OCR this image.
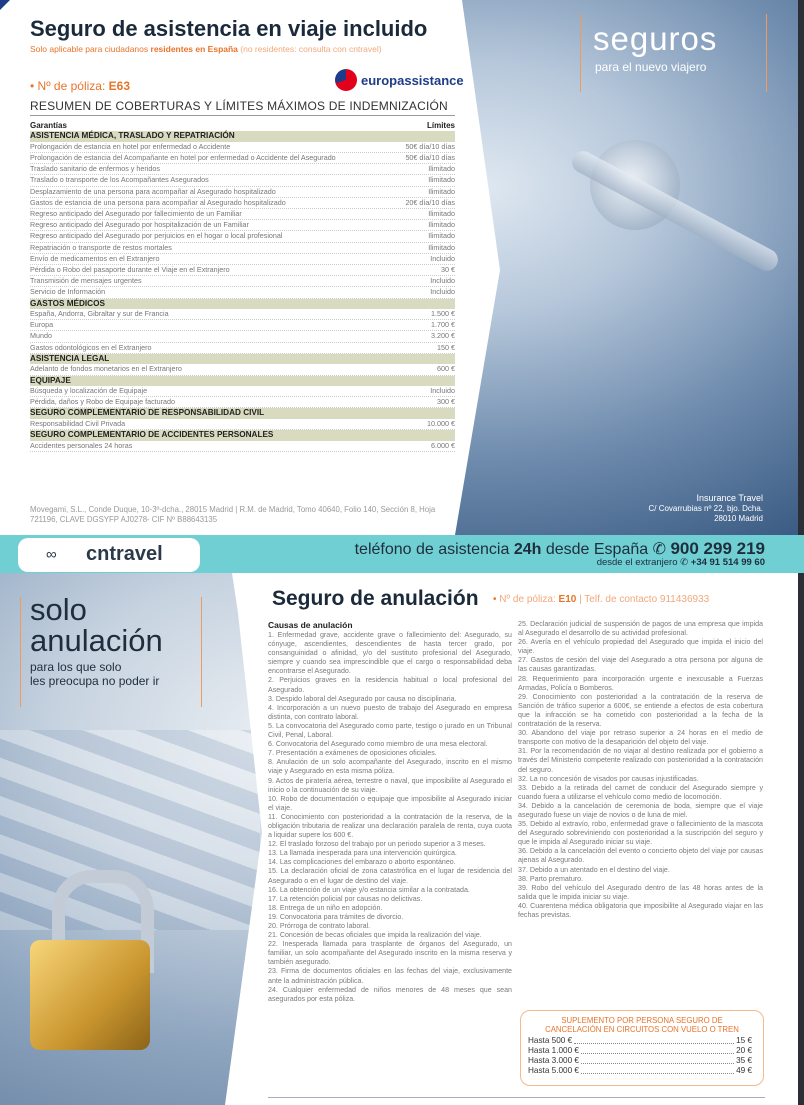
Seguro de asistencia en viaje incluido
Solo aplicable para ciudadanos residentes en España (no residentes: consulta con cntravel)
• Nº de póliza: E63	europassistance
RESUMEN DE COBERTURAS Y LÍMITES MÁXIMOS DE INDEMNIZACIÓN
Garantías	Límites
ASISTENCIA MÉDICA, TRASLADO Y REPATRIACIÓN
Prolongación de estancia en hotel por enfermedad o Accidente	50€ día/10 días
Prolongación de estancia del Acompañante en hotel por enfermedad o Accidente del Asegurado	50€ día/10 días
Traslado sanitario de enfermos y heridos	Ilimitado
Traslado o transporte de los Acompañantes Asegurados	Ilimitado
Desplazamiento de una persona para acompañar al Asegurado hospitalizado	Ilimitado
Gastos de estancia de una persona para acompañar al Asegurado hospitalizado	20€ día/10 días
Regreso anticipado del Asegurado por fallecimiento de un Familiar	Ilimitado
Regreso anticipado del Asegurado por hospitalización de un Familiar	Ilimitado
Regreso anticipado del Asegurado por perjuicios en el hogar o local profesional	Ilimitado
Repatriación o transporte de restos mortales	Ilimitado
Envío de medicamentos en el Extranjero	Incluido
Pérdida o Robo del pasaporte durante el Viaje en el Extranjero	30 €
Transmisión de mensajes urgentes	Incluido
Servicio de Información	Incluido
GASTOS MÉDICOS
España, Andorra, Gibraltar y sur de Francia	1.500 €
Europa	1.700 €
Mundo	3.200 €
Gastos odontológicos en el Extranjero	150 €
ASISTENCIA LEGAL
Adelanto de fondos monetarios en el Extranjero	600 €
EQUIPAJE
Búsqueda y localización de Equipaje	Incluido
Pérdida, daños y Robo de Equipaje facturado	300 €
SEGURO COMPLEMENTARIO DE RESPONSABILIDAD CIVIL
Responsabilidad Civil Privada	10.000 €
SEGURO COMPLEMENTARIO DE ACCIDENTES PERSONALES
Accidentes personales 24 horas	6.000 €
Movegami, S.L., Conde Duque, 10-3º-dcha., 28015 Madrid | R.M. de Madrid, Tomo 40640, Folio 140, Sección 8, Hoja 721196, CLAVE DGSYFP AJ0278- CIF Nº B88643135
seguros
para el nuevo viajero
Insurance Travel
C/ Covarrubias nº 22, bjo. Dcha.
28010 Madrid
∞ cntravel	teléfono de asistencia 24h desde España ✆ 900 299 219
desde el extranjero ✆ +34 91 514 99 60
solo
anulación
para los que solo
les preocupa no poder ir
Seguro de anulación • Nº de póliza: E10 | Telf. de contacto 911436933
Causas de anulación

1. Enfermedad grave, accidente grave o fallecimiento del: Asegurado, su cónyuge, ascendientes, descendientes de hasta tercer grado, por consanguinidad o afinidad, y/o del sustituto profesional del Asegurado, siempre y cuando sea imprescindible que el cargo o responsabilidad deba encontrarse el Asegurado.

2. Perjuicios graves en la residencia habitual o local profesional del Asegurado.

3. Despido laboral del Asegurado por causa no disciplinaria.

4. Incorporación a un nuevo puesto de trabajo del Asegurado en empresa distinta, con contrato laboral.

5. La convocatoria del Asegurado como parte, testigo o jurado en un Tribunal Civil, Penal, Laboral.

6. Convocatoria del Asegurado como miembro de una mesa electoral.

7. Presentación a exámenes de oposiciones oficiales.

8. Anulación de un solo acompañante del Asegurado, inscrito en el mismo viaje y Asegurado en esta misma póliza.

9. Actos de piratería aérea, terrestre o naval, que imposibilite al Asegurado el inicio o la continuación de su viaje.

10. Robo de documentación o equipaje que imposibilite al Asegurado iniciar el viaje.

11. Conocimiento con posterioridad a la contratación de la reserva, de la obligación tributaria de realizar una declaración paralela de renta, cuya cuota a liquidar supere los 600 €.

12. El traslado forzoso del trabajo por un periodo superior a 3 meses.

13. La llamada inesperada para una intervención quirúrgica.

14. Las complicaciones del embarazo o aborto espontáneo.

15. La declaración oficial de zona catastrófica en el lugar de residencia del Asegurado o en el lugar de destino del viaje.

16. La obtención de un viaje y/o estancia similar a la contratada.

17. La retención policial por causas no delictivas.

18. Entrega de un niño en adopción.

19. Convocatoria para trámites de divorcio.

20. Prórroga de contrato laboral.

21. Concesión de becas oficiales que impida la realización del viaje.

22. Inesperada llamada para trasplante de órganos del Asegurado, un familiar, un solo acompañante del Asegurado inscrito en la misma reserva y también asegurado.

23. Firma de documentos oficiales en las fechas del viaje, exclusivamente ante la administración pública.

24. Cualquier enfermedad de niños menores de 48 meses que sean asegurados por esta póliza.

25. Declaración judicial de suspensión de pagos de una empresa que impida al Asegurado el desarrollo de su actividad profesional.

26. Avería en el vehículo propiedad del Asegurado que impida el inicio del viaje.

27. Gastos de cesión del viaje del Asegurado a otra persona por alguna de las causas garantizadas.

28. Requerimiento para incorporación urgente e inexcusable a Fuerzas Armadas, Policía o Bomberos.

29. Conocimiento con posterioridad a la contratación de la reserva de Sanción de tráfico superior a 600€, se entiende a efectos de esta cobertura que la infracción se ha cometido con posterioridad a la fecha de la contratación de la reserva.

30. Abandono del viaje por retraso superior a 24 horas en el medio de transporte con motivo de la desaparición del objeto del viaje.

31. Por la recomendación de no viajar al destino realizada por el gobierno a través del Ministerio competente realizado con posterioridad a la contratación del seguro.

32. La no concesión de visados por causas injustificadas.

33. Debido a la retirada del carnet de conducir del Asegurado siempre y cuando fuera a utilizarse el vehículo como medio de locomoción.

34. Debido a la cancelación de ceremonia de boda, siempre que el viaje asegurado fuese un viaje de novios o de luna de miel.

35. Debido al extravío, robo, enfermedad grave o fallecimiento de la mascota del Asegurado sobreviniendo con posterioridad a la suscripción del seguro y que le impida al Asegurado iniciar su viaje.

36. Debido a la cancelación del evento o concierto objeto del viaje por causas ajenas al Asegurado.

37. Debido a un atentado en el destino del viaje.

38. Parto prematuro.

39. Robo del vehículo del Asegurado dentro de las 48 horas antes de la salida que le impida iniciar su viaje.

40. Cuarentena médica obligatoria que imposibilite al Asegurado viajar en las fechas previstas.

SUPLEMENTO POR PERSONA SEGURO DE
CANCELACIÓN EN CIRCUITOS CON VUELO O TREN
Hasta 500 €	15 €
Hasta 1.000 €	20 €
Hasta 3.000 €	35 €
Hasta 5.000 €	49 €
